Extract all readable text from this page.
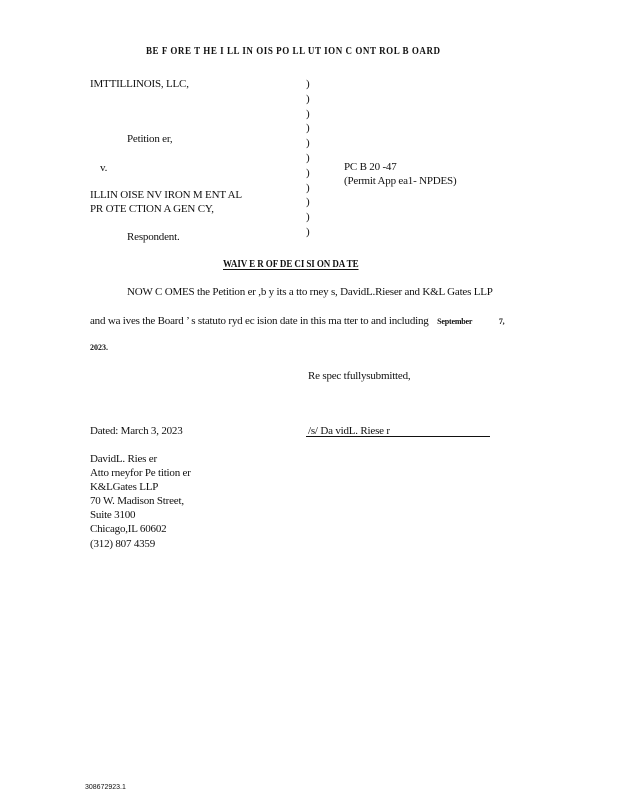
BE F ORE T HE I LL IN OIS PO LL UT ION C ONT ROL B OARD
IMTTILLINOIS, LLC,
Petition er,
v.
ILLIN OISE NV IRON M ENT AL
PR OTE CTION A GEN CY,
Respondent.
)
)
)
)
)
)
)
)
)
)
)
PC B 20 -47
(Permit App ea1- NPDES)
WAIV E R OF DE CI SI ON DA TE
NOW C OMES the Petition er ,b y its a tto rney s, DavidL.Rieser and K&L Gates LLP
and wa ives the Board ’ s statuto ryd ec ision date in this ma tter to and including September	7,
2023.
Re spec tfullysubmitted,
Dated: March 3, 2023	/s/ Da vidL. Riese r
DavidL. Ries er
Atto rneyfor Pe tition er
K&LGates LLP
70 W. Madison Street,
Suite 3100
Chicago,IL 60602
(312) 807 4359
308672923.1
